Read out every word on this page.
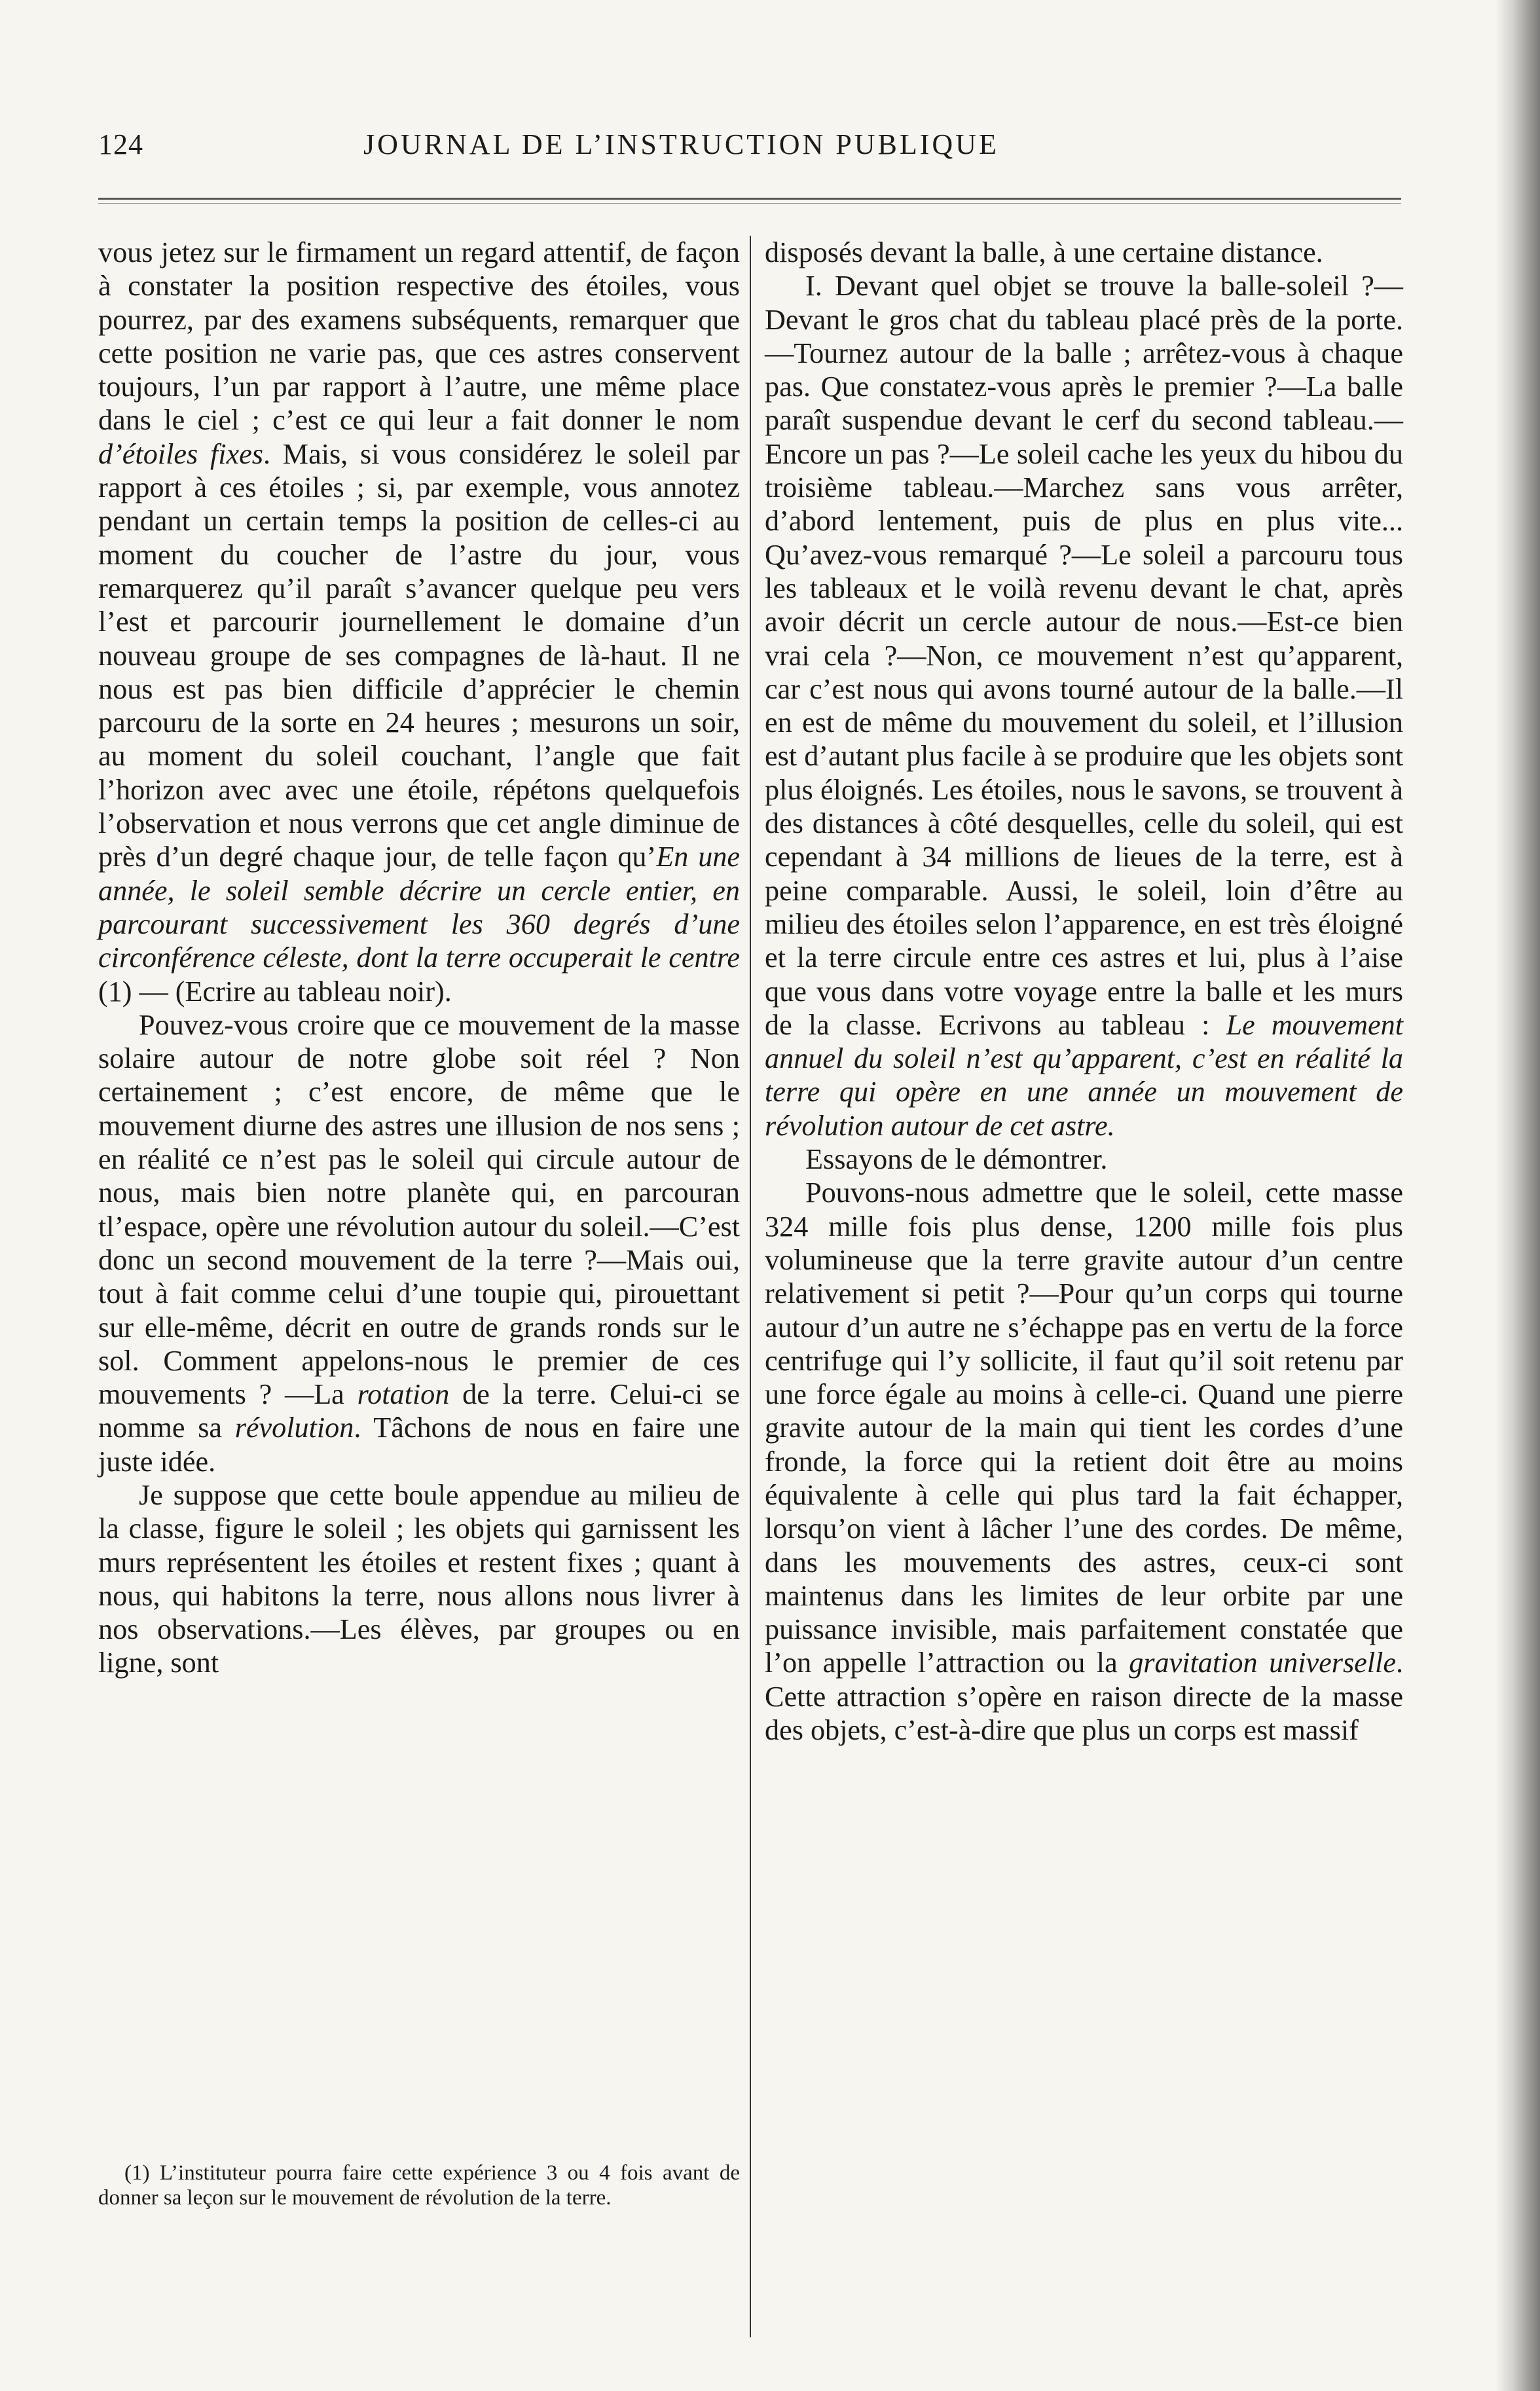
124	JOURNAL DE L’INSTRUCTION PUBLIQUE

vous jetez sur le firmament un regard attentif, de façon à constater la position respective des étoiles, vous pourrez, par des examens subséquents, remarquer que cette position ne varie pas, que ces astres conservent toujours, l’un par rapport à l’autre, une même place dans le ciel ; c’est ce qui leur a fait donner le nom d’étoiles fixes. Mais, si vous considérez le soleil par rapport à ces étoiles ; si, par exemple, vous annotez pendant un certain temps la position de celles-ci au moment du coucher de l’astre du jour, vous remarquerez qu’il paraît s’avancer quelque peu vers l’est et parcourir journellement le domaine d’un nouveau groupe de ses compagnes de là-haut. Il ne nous est pas bien difficile d’apprécier le chemin parcouru de la sorte en 24 heures ; mesurons un soir, au moment du soleil couchant, l’angle que fait l’horizon avec avec une étoile, répétons quelquefois l’observation et nous verrons que cet angle diminue de près d’un degré chaque jour, de telle façon qu’En une année, le soleil semble décrire un cercle entier, en parcourant successivement les 360 degrés d’une circonférence céleste, dont la terre occuperait le centre (1) — (Ecrire au tableau noir).

Pouvez-vous croire que ce mouvement de la masse solaire autour de notre globe soit réel ? Non certainement ; c’est encore, de même que le mouvement diurne des astres une illusion de nos sens ; en réalité ce n’est pas le soleil qui circule autour de nous, mais bien notre planète qui, en parcouran tl’espace, opère une révolution autour du soleil.—C’est donc un second mouvement de la terre ?—Mais oui, tout à fait comme celui d’une toupie qui, pirouettant sur elle-même, décrit en outre de grands ronds sur le sol. Comment appelons-nous le premier de ces mouvements ? —La rotation de la terre. Celui-ci se nomme sa révolution. Tâchons de nous en faire une juste idée.

Je suppose que cette boule appendue au milieu de la classe, figure le soleil ; les objets qui garnissent les murs représentent les étoiles et restent fixes ; quant à nous, qui habitons la terre, nous allons nous livrer à nos observations.—Les élèves, par groupes ou en ligne, sont

(1) L’instituteur pourra faire cette expérience 3 ou 4 fois avant de donner sa leçon sur le mouvement de révolution de la terre.

disposés devant la balle, à une certaine distance.

I. Devant quel objet se trouve la balle-soleil ?—Devant le gros chat du tableau placé près de la porte.—Tournez autour de la balle ; arrêtez-vous à chaque pas. Que constatez-vous après le premier ?—La balle paraît suspendue devant le cerf du second tableau.—Encore un pas ?—Le soleil cache les yeux du hibou du troisième tableau.—Marchez sans vous arrêter, d’abord lentement, puis de plus en plus vite... Qu’avez-vous remarqué ?—Le soleil a parcouru tous les tableaux et le voilà revenu devant le chat, après avoir décrit un cercle autour de nous.—Est-ce bien vrai cela ?—Non, ce mouvement n’est qu’apparent, car c’est nous qui avons tourné autour de la balle.—Il en est de même du mouvement du soleil, et l’illusion est d’autant plus facile à se produire que les objets sont plus éloignés. Les étoiles, nous le savons, se trouvent à des distances à côté desquelles, celle du soleil, qui est cependant à 34 millions de lieues de la terre, est à peine comparable. Aussi, le soleil, loin d’être au milieu des étoiles selon l’apparence, en est très éloigné et la terre circule entre ces astres et lui, plus à l’aise que vous dans votre voyage entre la balle et les murs de la classe. Ecrivons au tableau : Le mouvement annuel du soleil n’est qu’apparent, c’est en réalité la terre qui opère en une année un mouvement de révolution autour de cet astre.

Essayons de le démontrer.

Pouvons-nous admettre que le soleil, cette masse 324 mille fois plus dense, 1200 mille fois plus volumineuse que la terre gravite autour d’un centre relativement si petit ?—Pour qu’un corps qui tourne autour d’un autre ne s’échappe pas en vertu de la force centrifuge qui l’y sollicite, il faut qu’il soit retenu par une force égale au moins à celle-ci. Quand une pierre gravite autour de la main qui tient les cordes d’une fronde, la force qui la retient doit être au moins équivalente à celle qui plus tard la fait échapper, lorsqu’on vient à lâcher l’une des cordes. De même, dans les mouvements des astres, ceux-ci sont maintenus dans les limites de leur orbite par une puissance invisible, mais parfaitement constatée que l’on appelle l’attraction ou la gravitation universelle. Cette attraction s’opère en raison directe de la masse des objets, c’est-à-dire que plus un corps est massif
